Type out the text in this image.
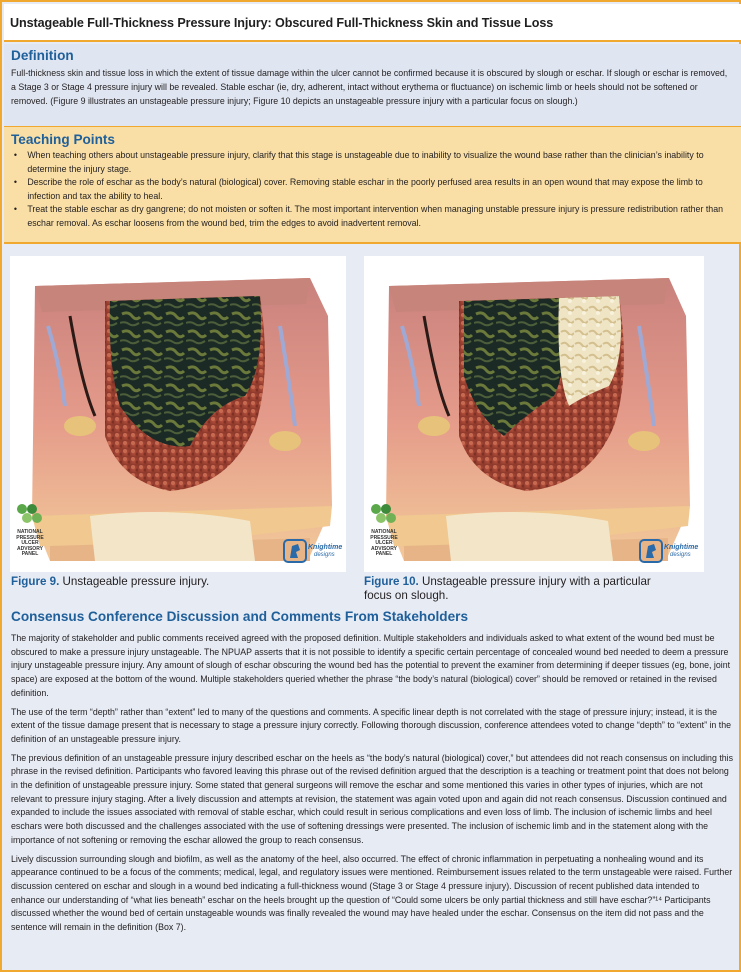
Unstageable Full-Thickness Pressure Injury: Obscured Full-Thickness Skin and Tissue Loss
Definition

Full-thickness skin and tissue loss in which the extent of tissue damage within the ulcer cannot be confirmed because it is obscured by slough or eschar. If slough or eschar is removed, a Stage 3 or Stage 4 pressure injury will be revealed. Stable eschar (ie, dry, adherent, intact without erythema or fluctuance) on ischemic limb or heels should not be softened or removed. (Figure 9 illustrates an unstageable pressure injury; Figure 10 depicts an unstageable pressure injury with a particular focus on slough.)

Teaching Points
• When teaching others about unstageable pressure injury, clarify that this stage is unstageable due to inability to visualize the wound base rather than the clinician’s inability to determine the injury stage.
• Describe the role of eschar as the body’s natural (biological) cover. Removing stable eschar in the poorly perfused area results in an open wound that may expose the limb to infection and tax the ability to heal.
• Treat the stable eschar as dry gangrene; do not moisten or soften it. The most important intervention when managing unstable pressure injury is pressure redistribution rather than eschar removal. As eschar loosens from the wound bed, trim the edges to avoid inadvertent removal.
NATIONAL PRESSURE ULCER ADVISORY PANEL
Knightime
designs
NATIONAL PRESSURE ULCER ADVISORY PANEL
Knightime
designs
Figure 9. Unstageable pressure injury.	Figure 10. Unstageable pressure injury with a particular focus on slough.
Consensus Conference Discussion and Comments From Stakeholders

The majority of stakeholder and public comments received agreed with the proposed definition. Multiple stakeholders and individuals asked to what extent of the wound bed must be obscured to make a pressure injury unstageable. The NPUAP asserts that it is not possible to identify a specific certain percentage of concealed wound bed needed to deem a pressure injury unstageable pressure injury. Any amount of slough of eschar obscuring the wound bed has the potential to prevent the examiner from determining if deeper tissues (eg, bone, joint space) are exposed at the bottom of the wound. Multiple stakeholders queried whether the phrase “the body’s natural (biological) cover” should be removed or retained in the revised definition.

The use of the term “depth” rather than “extent” led to many of the questions and comments. A specific linear depth is not correlated with the stage of pressure injury; instead, it is the extent of the tissue damage present that is necessary to stage a pressure injury correctly. Following thorough discussion, conference attendees voted to change “depth” to “extent” in the definition of an unstageable pressure injury.

The previous definition of an unstageable pressure injury described eschar on the heels as “the body’s natural (biological) cover,” but attendees did not reach consensus on including this phrase in the revised definition. Participants who favored leaving this phrase out of the revised definition argued that the description is a teaching or treatment point that does not belong in the definition of unstageable pressure injury. Some stated that general surgeons will remove the eschar and some mentioned this varies in other types of injuries, which are not relevant to pressure injury staging. After a lively discussion and attempts at revision, the statement was again voted upon and again did not reach consensus. Discussion continued and expanded to include the issues associated with removal of stable eschar, which could result in serious complications and even loss of limb. The inclusion of ischemic limbs and heel eschars were both discussed and the challenges associated with the use of softening dressings were presented. The inclusion of ischemic limb and in the statement along with the importance of not softening or removing the eschar allowed the group to reach consensus.

Lively discussion surrounding slough and biofilm, as well as the anatomy of the heel, also occurred. The effect of chronic inflammation in perpetuating a nonhealing wound and its appearance continued to be a focus of the comments; medical, legal, and regulatory issues were mentioned. Reimbursement issues related to the term unstageable were raised. Further discussion centered on eschar and slough in a wound bed indicating a full-thickness wound (Stage 3 or Stage 4 pressure injury). Discussion of recent published data intended to enhance our understanding of “what lies beneath” eschar on the heels brought up the question of “Could some ulcers be only partial thickness and still have eschar?”¹⁴ Participants discussed whether the wound bed of certain unstageable wounds was finally revealed the wound may have healed under the eschar. Consensus on the item did not pass and the sentence will remain in the definition (Box 7).
